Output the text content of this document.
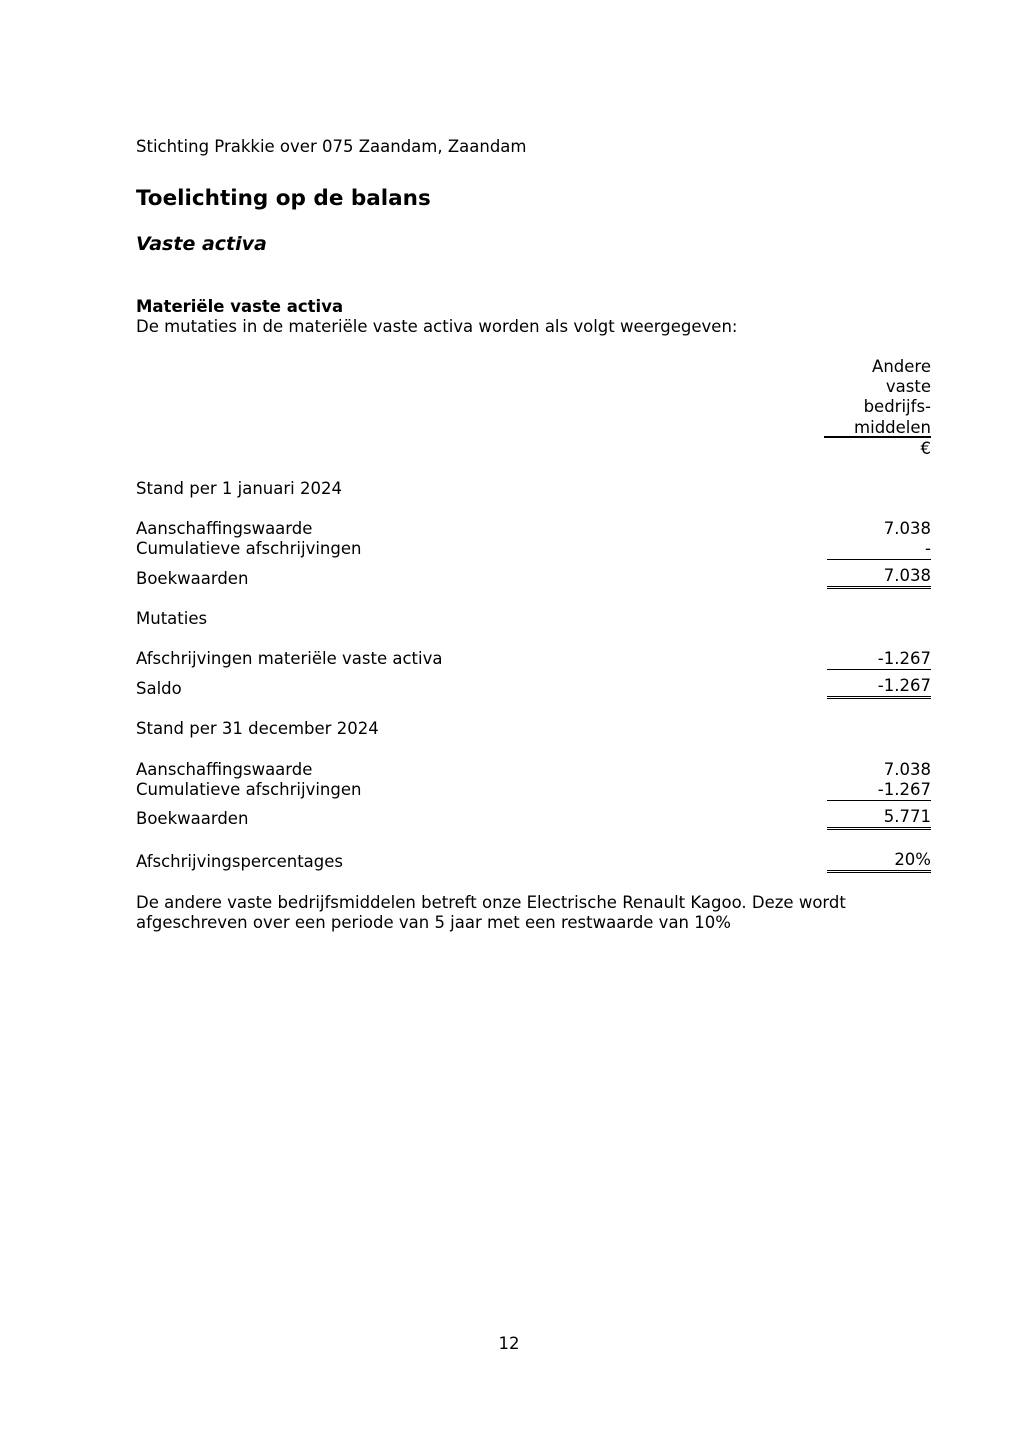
Stichting Prakkie over 075 Zaandam, Zaandam
Toelichting op de balans
Vaste activa
Materiële vaste activa
De mutaties in de materiële vaste activa worden als volgt weergegeven:
Andere
vaste
bedrijfs-
middelen
€
Stand per 1 januari 2024
Aanschaffingswaarde	7.038
Cumulatieve afschrijvingen	-
Boekwaarden	7.038
Mutaties
Afschrijvingen materiële vaste activa	-1.267
Saldo	-1.267
Stand per 31 december 2024
Aanschaffingswaarde	7.038
Cumulatieve afschrijvingen	-1.267
Boekwaarden	5.771
Afschrijvingspercentages	20%
De andere vaste bedrijfsmiddelen betreft onze Electrische Renault Kagoo. Deze wordt
afgeschreven over een periode van 5 jaar met een restwaarde van 10%
12
